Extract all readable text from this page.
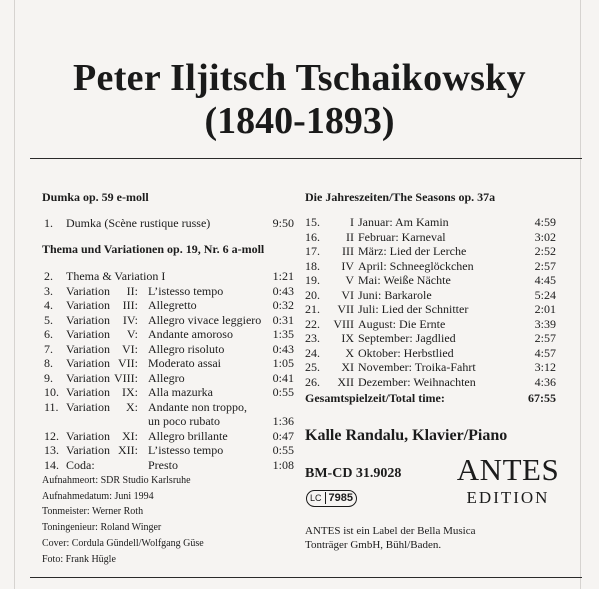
Peter Iljitsch Tschaikowsky
(1840-1893)
Dumka op. 59 e-moll
1. Dumka (Scène rustique russe)	9:50
Thema und Variationen op. 19, Nr. 6 a-moll
2. Thema & Variation I	1:21
3. Variation	II: L’istesso tempo	0:43
4. Variation	III: Allegretto	0:32
5. Variation	IV: Allegro vivace leggiero 0:31
6. Variation	V: Andante amoroso	1:35
7. Variation	VI: Allegro risoluto	0:43
8. Variation VII: Moderato assai	1:05
9. Variation VIII: Allegro	0:41
10. Variation	IX: Alla mazurka	0:55
11. Variation	X: Andante non troppo,
un poco rubato	1:36
12. Variation	XI: Allegro brillante	0:47
13. Variation XII: L’istesso tempo	0:55
14. Coda:	Presto	1:08
Aufnahmeort: SDR Studio Karlsruhe
Aufnahmedatum: Juni 1994
Tonmeister: Werner Roth
Toningenieur: Roland Winger
Cover: Cordula Gündell/Wolfgang Güse
Foto: Frank Hügle
Die Jahreszeiten/The Seasons op. 37a
15.	I Januar: Am Kamin	4:59
16.	II Februar: Karneval	3:02
17.	III März: Lied der Lerche	2:52
18.	IV April: Schneeglöckchen	2:57
19.	V Mai: Weiße Nächte	4:45
20.	VI Juni: Barkarole	5:24
21.	VII Juli: Lied der Schnitter	2:01
22.	VIII August: Die Ernte	3:39
23.	IX September: Jagdlied	2:57
24.	X Oktober: Herbstlied	4:57
25.	XI November: Troika-Fahrt	3:12
26.	XII Dezember: Weihnachten	4:36
Gesamtspielzeit/Total time:	67:55
Kalle Randalu, Klavier/Piano
BM-CD 31.9028
LC 7985
ANTES
EDITION
ANTES ist ein Label der Bella Musica
Tonträger GmbH, Bühl/Baden.
